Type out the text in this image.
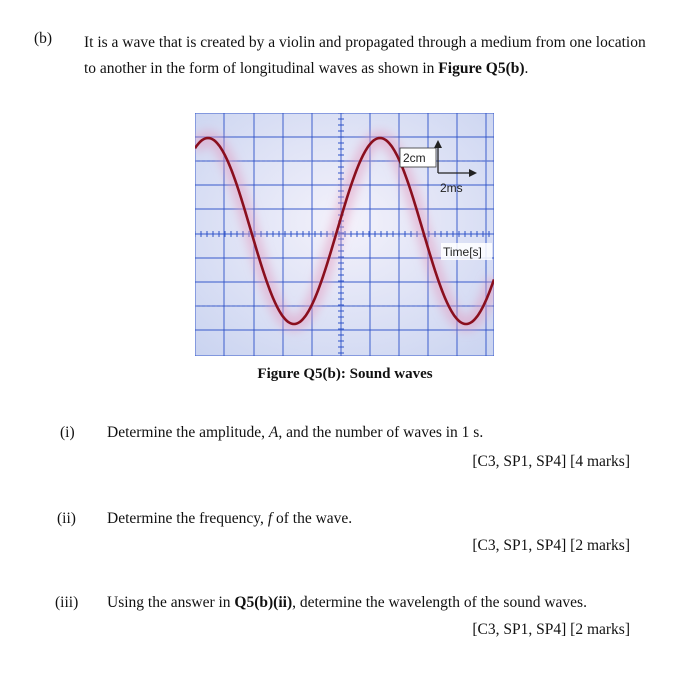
(b) It is a wave that is created by a violin and propagated through a medium from one location to another in the form of longitudinal waves as shown in Figure Q5(b).
2cm
2ms
Time[s]
Figure Q5(b): Sound waves
(i) Determine the amplitude, A, and the number of waves in 1 s.
[C3, SP1, SP4] [4 marks]
(ii) Determine the frequency, f of the wave.
[C3, SP1, SP4] [2 marks]
(iii) Using the answer in Q5(b)(ii), determine the wavelength of the sound waves.
[C3, SP1, SP4] [2 marks]
